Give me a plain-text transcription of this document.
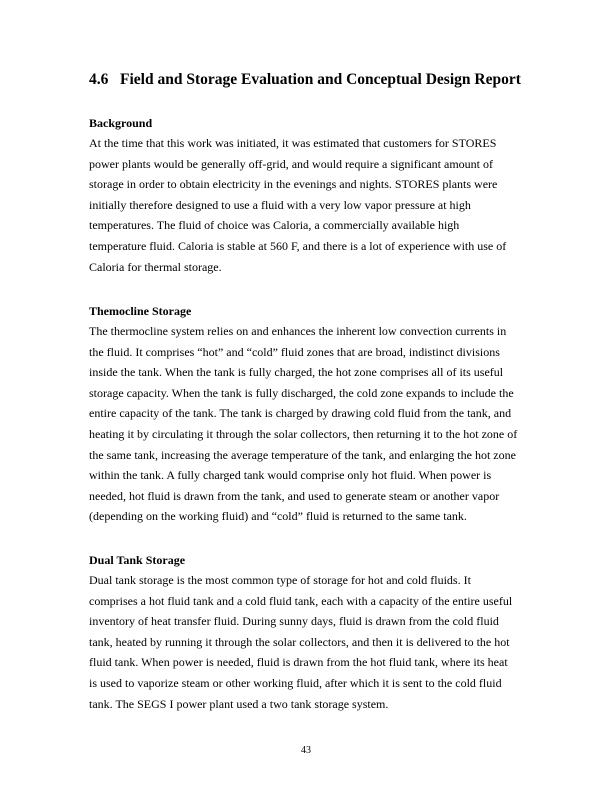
4.6 Field and Storage Evaluation and Conceptual Design Report
Background
At the time that this work was initiated, it was estimated that customers for STORES
power plants would be generally off-grid, and would require a significant amount of
storage in order to obtain electricity in the evenings and nights. STORES plants were
initially therefore designed to use a fluid with a very low vapor pressure at high
temperatures. The fluid of choice was Caloria, a commercially available high
temperature fluid. Caloria is stable at 560 F, and there is a lot of experience with use of
Caloria for thermal storage.
Themocline Storage
The thermocline system relies on and enhances the inherent low convection currents in
the fluid. It comprises “hot” and “cold” fluid zones that are broad, indistinct divisions
inside the tank. When the tank is fully charged, the hot zone comprises all of its useful
storage capacity. When the tank is fully discharged, the cold zone expands to include the
entire capacity of the tank. The tank is charged by drawing cold fluid from the tank, and
heating it by circulating it through the solar collectors, then returning it to the hot zone of
the same tank, increasing the average temperature of the tank, and enlarging the hot zone
within the tank. A fully charged tank would comprise only hot fluid. When power is
needed, hot fluid is drawn from the tank, and used to generate steam or another vapor
(depending on the working fluid) and “cold” fluid is returned to the same tank.
Dual Tank Storage
Dual tank storage is the most common type of storage for hot and cold fluids. It
comprises a hot fluid tank and a cold fluid tank, each with a capacity of the entire useful
inventory of heat transfer fluid. During sunny days, fluid is drawn from the cold fluid
tank, heated by running it through the solar collectors, and then it is delivered to the hot
fluid tank. When power is needed, fluid is drawn from the hot fluid tank, where its heat
is used to vaporize steam or other working fluid, after which it is sent to the cold fluid
tank. The SEGS I power plant used a two tank storage system.
43
